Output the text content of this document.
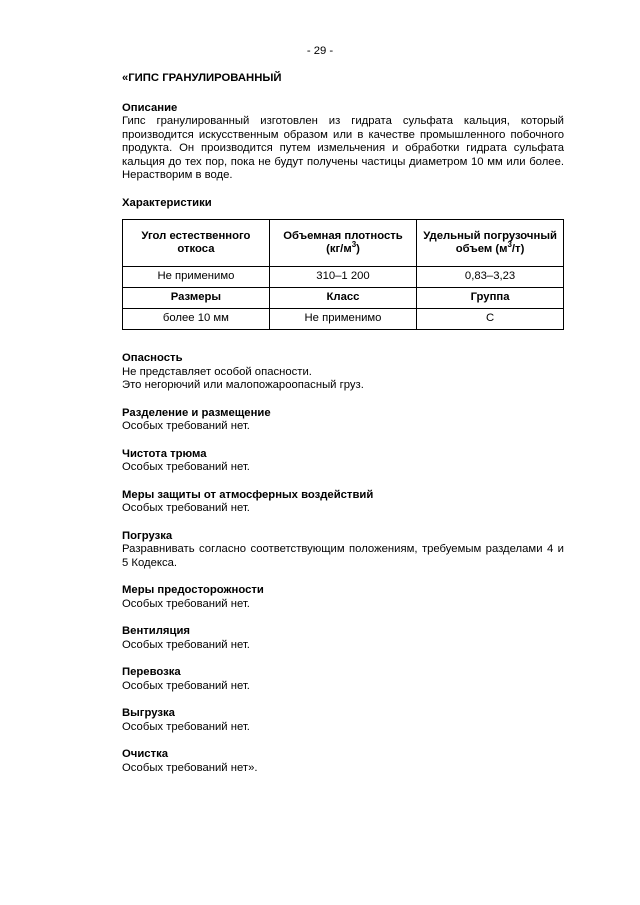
- 29 -
«ГИПС ГРАНУЛИРОВАННЫЙ
Описание
Гипс гранулированный изготовлен из гидрата сульфата кальция, который производится искусственным образом или в качестве промышленного побочного продукта. Он производится путем измельчения и обработки гидрата сульфата кальция до тех пор, пока не будут получены частицы диаметром 10 мм или более. Нерастворим в воде.
Характеристики
Угол естественного откоса	Объемная плотность $(кг/м^3)$	Удельный погрузочный объем $(м^3/т)$
Не применимо	310–1 200	0,83–3,23
Размеры	Класс	Группа
более 10 мм	Не применимо	C
Опасность
Не представляет особой опасности.
Это негорючий или малопожароопасный груз.
Разделение и размещение
Особых требований нет.
Чистота трюма
Особых требований нет.
Меры защиты от атмосферных воздействий
Особых требований нет.
Погрузка
Разравнивать согласно соответствующим положениям, требуемым разделами 4 и 5 Кодекса.
Меры предосторожности
Особых требований нет.
Вентиляция
Особых требований нет.
Перевозка
Особых требований нет.
Выгрузка
Особых требований нет.
Очистка
Особых требований нет».
